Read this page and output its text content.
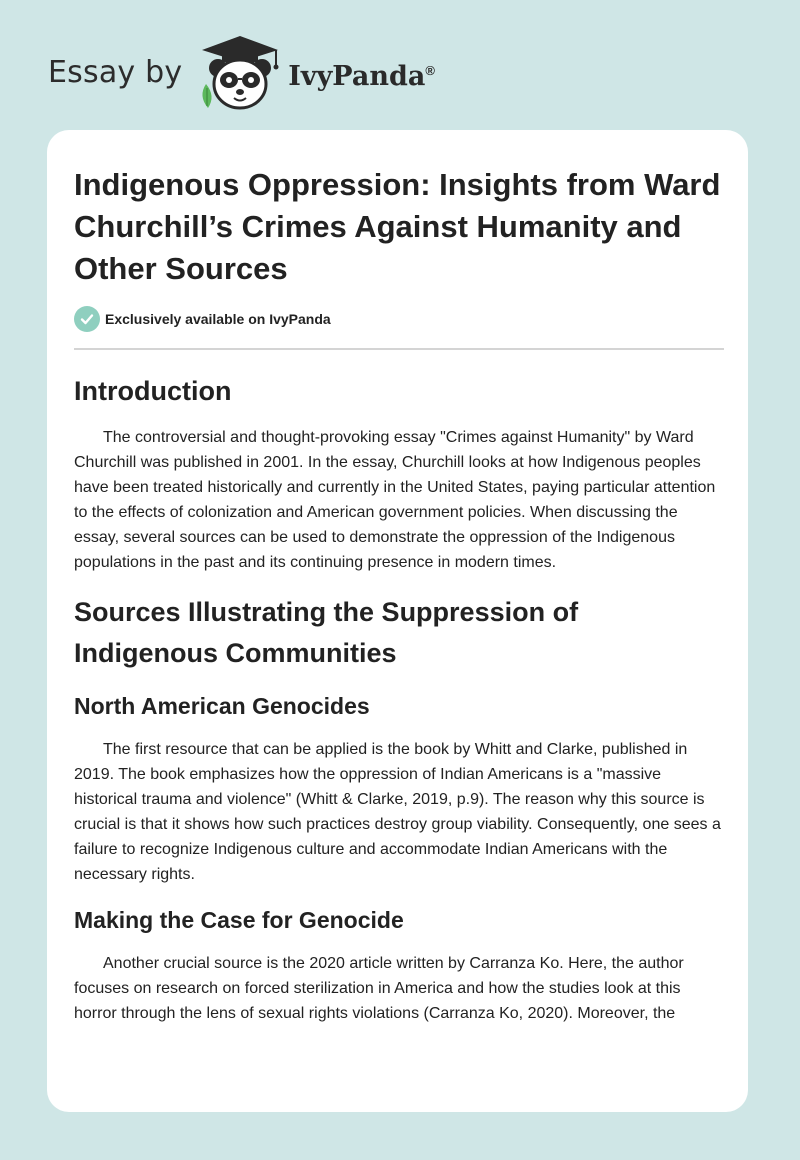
Essay by	IvyPanda®
Indigenous Oppression: Insights from Ward Churchill’s Crimes Against Humanity and Other Sources
Exclusively available on IvyPanda
Introduction

The controversial and thought-provoking essay "Crimes against Humanity" by Ward Churchill was published in 2001. In the essay, Churchill looks at how Indigenous peoples have been treated historically and currently in the United States, paying particular attention to the effects of colonization and American government policies. When discussing the essay, several sources can be used to demonstrate the oppression of the Indigenous populations in the past and its continuing presence in modern times.

Sources Illustrating the Suppression of Indigenous Communities
North American Genocides

The first resource that can be applied is the book by Whitt and Clarke, published in 2019. The book emphasizes how the oppression of Indian Americans is a "massive historical trauma and violence" (Whitt & Clarke, 2019, p.9). The reason why this source is crucial is that it shows how such practices destroy group viability. Consequently, one sees a failure to recognize Indigenous culture and accommodate Indian Americans with the necessary rights.

Making the Case for Genocide

Another crucial source is the 2020 article written by Carranza Ko. Here, the author focuses on research on forced sterilization in America and how the studies look at this horror through the lens of sexual rights violations (Carranza Ko, 2020). Moreover, the
